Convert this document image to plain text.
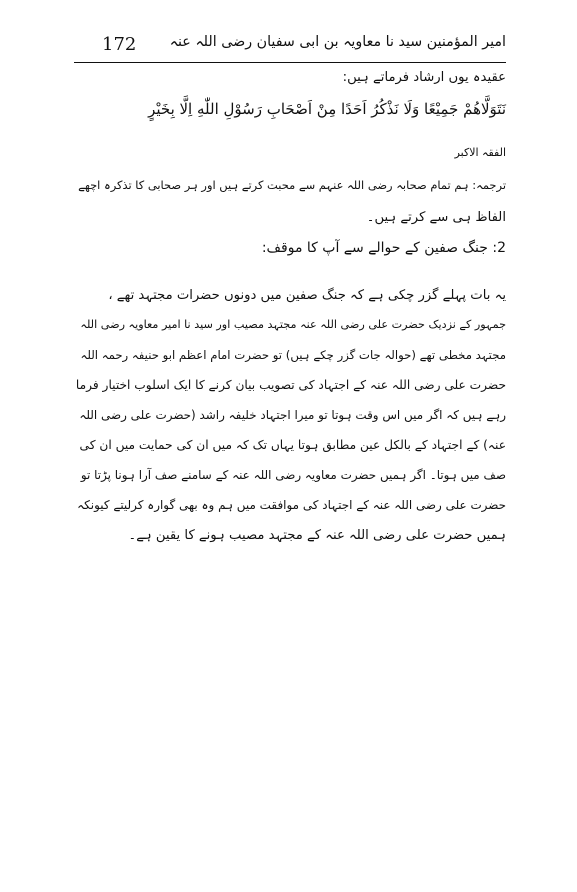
172 امیر المؤمنین سید نا معاویہ بن ابی سفیان رضی اللہ عنہ
عقیدہ یوں ارشاد فرماتے ہیں:
نَتَوَلَّاهُمْ جَمِيْعًا وَلَا نَذْكُرُ اَحَدًا مِنْ اَصْحَابِ رَسُوْلِ اللّٰهِ اِلَّا بِخَيْرٍ
الفقہ الاکبر
ترجمہ: ہم تمام صحابہ رضی اللہ عنہم سے محبت کرتے ہیں اور ہر صحابی کا تذکرہ اچھے
الفاظ ہی سے کرتے ہیں۔
2: جنگ صفین کے حوالے سے آپ کا موقف:
یہ بات پہلے گزر چکی ہے کہ جنگ صفین میں دونوں حضرات مجتہد تھے ،
جمہور کے نزدیک حضرت علی رضی اللہ عنہ مجتہد مصیب اور سید نا امیر معاویہ رضی اللہ
مجتہد مخطی تھے (حوالہ جات گزر چکے ہیں) تو حضرت امام اعظم ابو حنیفہ رحمہ اللہ
حضرت علی رضی اللہ عنہ کے اجتہاد کی تصویب بیان کرنے کا ایک اسلوب اختیار فرما
رہے ہیں کہ اگر میں اس وقت ہوتا تو میرا اجتہاد خلیفہ راشد (حضرت علی رضی اللہ
عنہ) کے اجتہاد کے بالکل عین مطابق ہوتا یہاں تک کہ میں ان کی حمایت میں ان کی
صف میں ہوتا۔ اگر ہمیں حضرت معاویہ رضی اللہ عنہ کے سامنے صف آرا ہونا پڑتا تو
حضرت علی رضی اللہ عنہ کے اجتہاد کی موافقت میں ہم وہ بھی گوارہ کرلیتے کیونکہ
ہمیں حضرت علی رضی اللہ عنہ کے مجتہد مصیب ہونے کا یقین ہے۔
